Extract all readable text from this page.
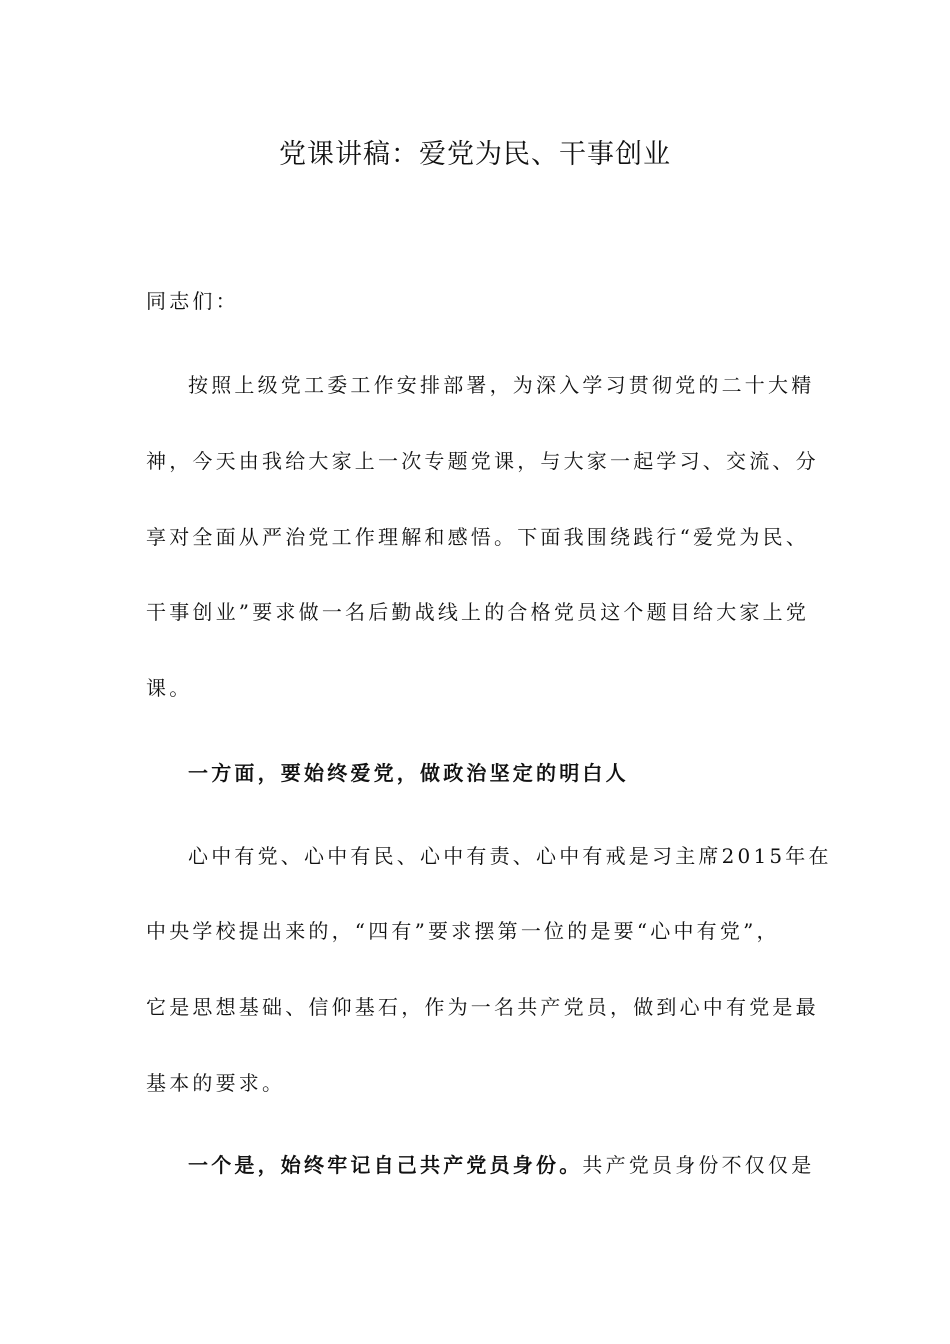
党课讲稿：爱党为民、干事创业
同志们：
按照上级党工委工作安排部署，为深入学习贯彻党的二十大精
神，今天由我给大家上一次专题党课，与大家一起学习、交流、分
享对全面从严治党工作理解和感悟。下面我围绕践行“爱党为民、
干事创业”要求做一名后勤战线上的合格党员这个题目给大家上党
课。
一方面，要始终爱党，做政治坚定的明白人
心中有党、心中有民、心中有责、心中有戒是习主席2015年在
中央学校提出来的，“四有”要求摆第一位的是要“心中有党”，
它是思想基础、信仰基石，作为一名共产党员，做到心中有党是最
基本的要求。
一个是，始终牢记自己共产党员身份。共产党员身份不仅仅是
